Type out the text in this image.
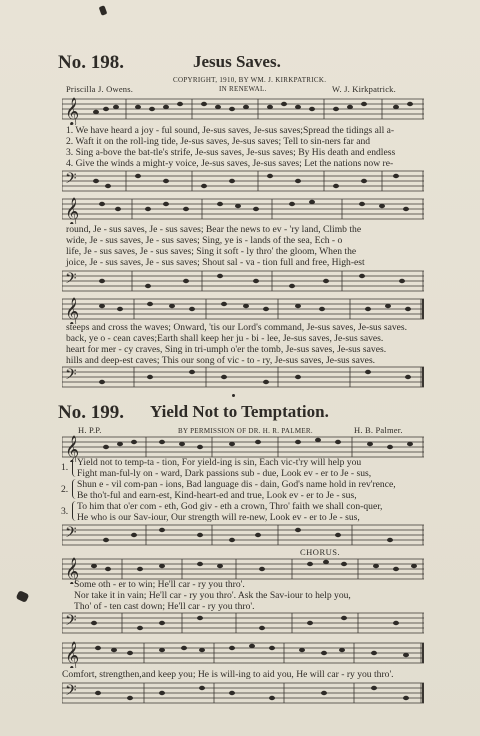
No. 198.	Jesus Saves.
COPYRIGHT, 1910, BY WM. J. KIRKPATRICK.
IN RENEWAL.
Priscilla J. Owens.	W. J. Kirkpatrick.
𝄞
1. We have heard a joy - ful sound, Je-sus saves, Je-sus saves;Spread the tidings all a-
2. Waft it on the roll-ing tide, Je-sus saves, Je-sus saves; Tell to sin-ners far and
3. Sing a-bove the bat-tle's strife, Je-sus saves, Je-sus saves; By His death and endless
4. Give the winds a might-y voice, Je-sus saves, Je-sus saves; Let the nations now re-
𝄢
𝄞
round, Je - sus saves, Je - sus saves; Bear the news to ev - 'ry land, Climb the
wide, Je - sus saves, Je - sus saves; Sing, ye is - lands of the sea, Ech - o
life, Je - sus saves, Je - sus saves; Sing it soft - ly thro' the gloom, When the
joice, Je - sus saves, Je - sus saves; Shout sal - va - tion full and free, High-est
𝄢
𝄞
steeps and cross the waves; Onward, 'tis our Lord's command, Je-sus saves, Je-sus saves.
back, ye o - cean caves;Earth shall keep her ju - bi - lee, Je-sus saves, Je-sus saves.
heart for mer - cy craves, Sing in tri-umph o'er the tomb, Je-sus saves, Je-sus saves.
hills and deep-est caves; This our song of vic - to - ry, Je-sus saves, Je-sus saves.
𝄢
No. 199. Yield Not to Temptation.
H. P.P.	BY PERMISSION OF DR. H. R. PALMER.	H. B. Palmer.
𝄞
1.
2.
3.
Yield not to temp-ta - tion, For yield-ing is sin, Each vic-t'ry will help you
Fight man-ful-ly on - ward, Dark passions sub - due, Look ev - er to Je - sus,
Shun e - vil com-pan - ions, Bad language dis - dain, God's name hold in rev'rence,
Be tho't-ful and earn-est, Kind-heart-ed and true, Look ev - er to Je - sus,
To him that o'er com - eth, God giv - eth a crown, Thro' faith we shall con-quer,
He who is our Sav-iour, Our strength will re-new, Look ev - er to Je - sus,
𝄢
CHORUS.
𝄞
Some oth - er to win; He'll car - ry you thro'.
Nor take it in vain; He'll car - ry you thro'. Ask the Sav-iour to help you,
Tho' of - ten cast down; He'll car - ry you thro'.
𝄢
𝄞
Comfort, strengthen,and keep you; He is will-ing to aid you, He will car - ry you thro'.
𝄢
